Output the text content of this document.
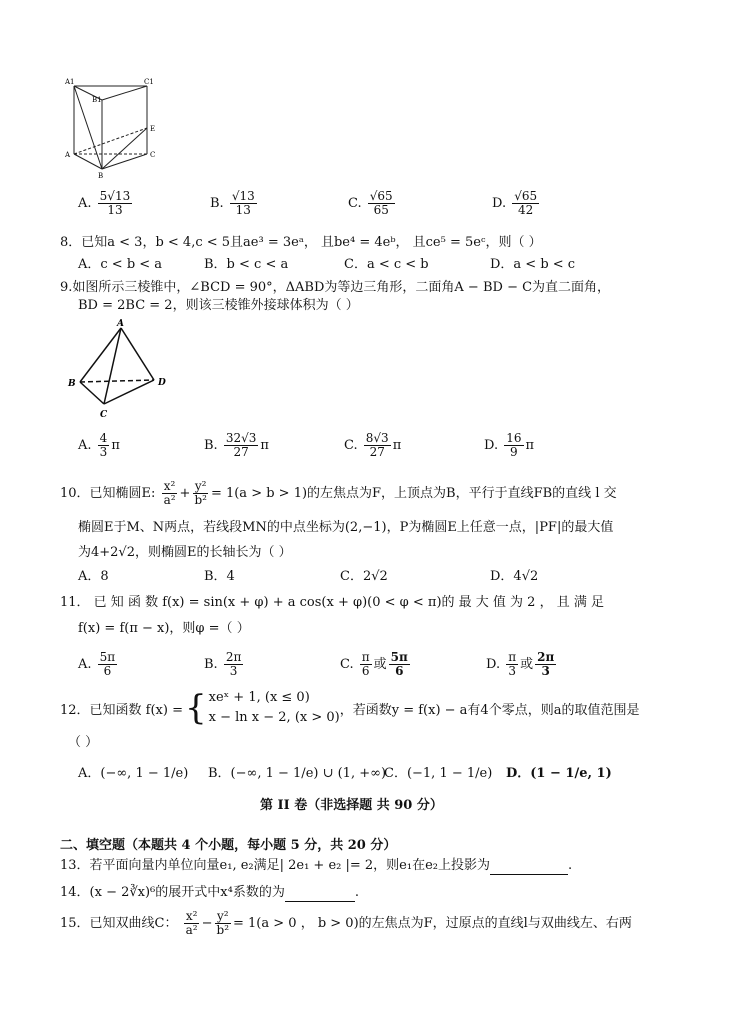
A1
B1
C1
E
A	C
B
A. $\frac{5√13}{13}$	B. $\frac{√13}{13}$	C. $\frac{√65}{65}$	D. $\frac{√65}{42}$
8．已知a < 3，b < 4,c < 5且ae³ = 3eᵃ， 且be⁴ = 4eᵇ， 且ce⁵ = 5eᶜ，则（ ）
A．c < b < a	B．b < c < a	C．a < c < b	D．a < b < c
9.如图所示三棱锥中，∠BCD = 90°，ΔABD为等边三角形，二面角A − BD − C为直二面角，
BD = 2BC = 2，则该三棱锥外接球体积为（ ）
A
B
C
D
A. $\frac{4}{3}$ π	B. $\frac{32√3}{27}$ π	C. $\frac{8√3}{27}$ π	D. $\frac{16}{9}$ π
10．已知椭圆E: $\frac{\text{x²}}{\text{a²}} + \frac{\text{y²}}{\text{b²}} = 1(a > b > 1)$的左焦点为F，上顶点为B，平行于直线FB的直线 l 交
椭圆E于M、N两点，若线段MN的中点坐标为(2,−1)，P为椭圆E上任意一点，|PF|的最大值
为4+2√2，则椭圆E的长轴长为（ ）
A．8	B．4	C．2√2	D．4√2
11． 已 知 函 数 f(x) = sin(x + φ) + a cos(x + φ)(0 < φ < π)的 最 大 值 为 2 ， 且 满 足
f(x) = f(π − x)，则φ =（ ）
A. $\frac{5\pi}{6}$	B. $\frac{2\pi}{3}$	C. $\frac{\pi}{6}$ 或 $\frac{5\pi}{6}$	D. $\frac{\pi}{3}$ 或 $\frac{2\pi}{3}$
12．已知函数 f(x) = { xeˣ + 1, (x ≤ 0)
x − ln x − 2, (x > 0) ，若函数y = f(x) − a有4个零点，则a的取值范围是
（ ）
A．(−∞, 1 − 1/e) B．(−∞, 1 − 1/e) ∪ (1, +∞)
C．(−1, 1 − 1/e) D．(1 − 1/e, 1)
第 II 卷（非选择题 共 90 分）
二、填空题（本题共 4 个小题，每小题 5 分，共 20 分）
13．若平面向量内单位向量e₁, e₂满足| 2e₁ + e₂ |= 2，则e₁在e₂上投影为	.
14．(x − 2∛x)⁶的展开式中x⁴系数的为	.
15．已知双曲线C： $\frac{\text{x²}}{\text{a²}} - \frac{\text{y²}}{\text{b²}} = 1(a > 0$ ， b > 0)的左焦点为F，过原点的直线l与双曲线左、右两
